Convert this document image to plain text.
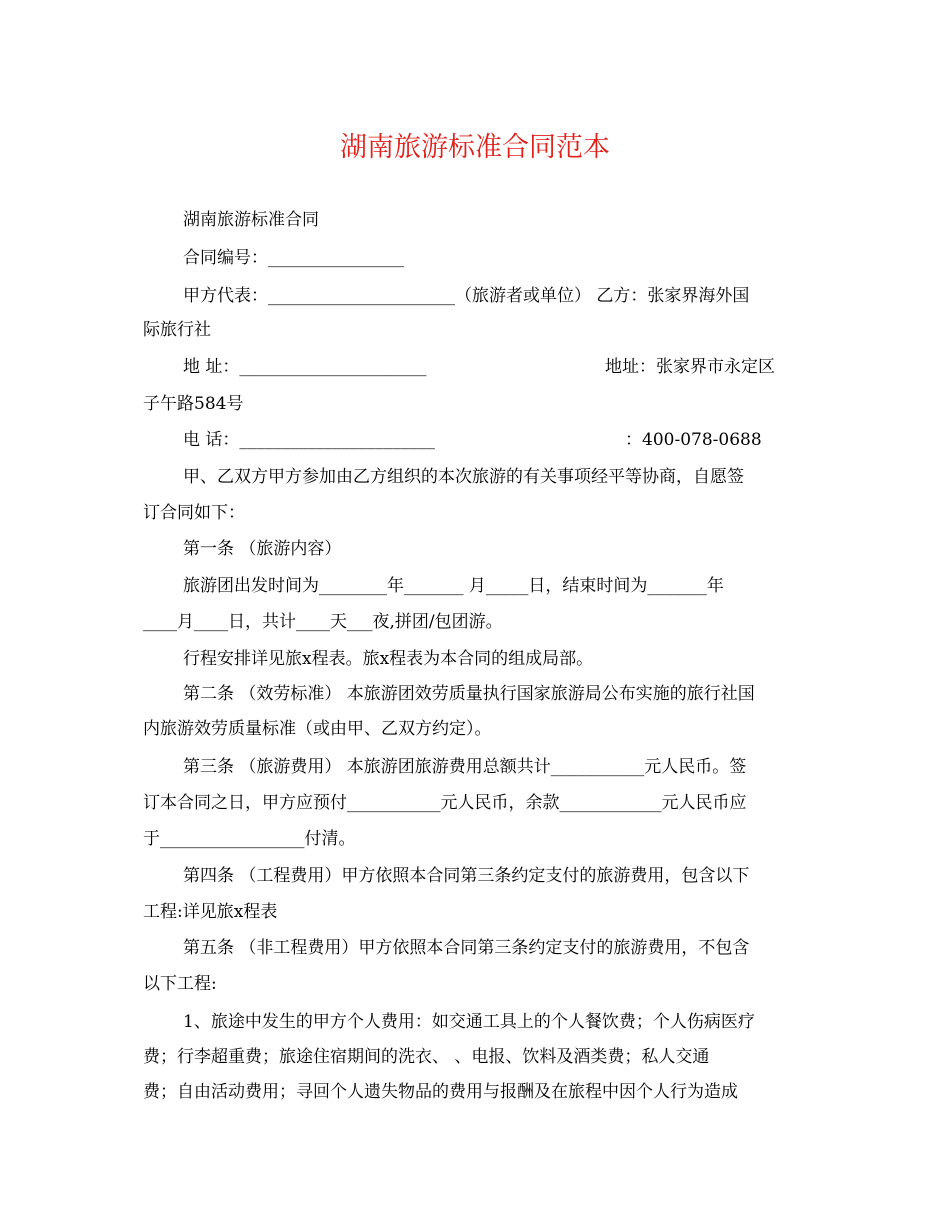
湖南旅游标准合同范本
湖南旅游标准合同
合同编号：________________
甲方代表：______________________（旅游者或单位） 乙方：张家界海外国
际旅行社
地 址：______________________	地址：张家界市永定区
子午路584号
电 话：_______________________	：400-078-0688
甲、乙双方甲方参加由乙方组织的本次旅游的有关事项经平等协商，自愿签
订合同如下：
第一条 （旅游内容）
旅游团出发时间为________年_______ 月_____日，结束时间为_______年
____月____日，共计____天___夜,拼团/包团游。
行程安排详见旅x程表。旅x程表为本合同的组成局部。
第二条 （效劳标准） 本旅游团效劳质量执行国家旅游局公布实施的旅行社国
内旅游效劳质量标准（或由甲、乙双方约定）。
第三条 （旅游费用） 本旅游团旅游费用总额共计___________元人民币。签
订本合同之日，甲方应预付___________元人民币，余款____________元人民币应
于_________________付清。
第四条 （工程费用）甲方依照本合同第三条约定支付的旅游费用，包含以下
工程:详见旅x程表
第五条 （非工程费用）甲方依照本合同第三条约定支付的旅游费用，不包含
以下工程:
1、旅途中发生的甲方个人费用：如交通工具上的个人餐饮费；个人伤病医疗
费；行李超重费；旅途住宿期间的洗衣、 、电报、饮料及酒类费；私人交通
费；自由活动费用；寻回个人遗失物品的费用与报酬及在旅程中因个人行为造成
